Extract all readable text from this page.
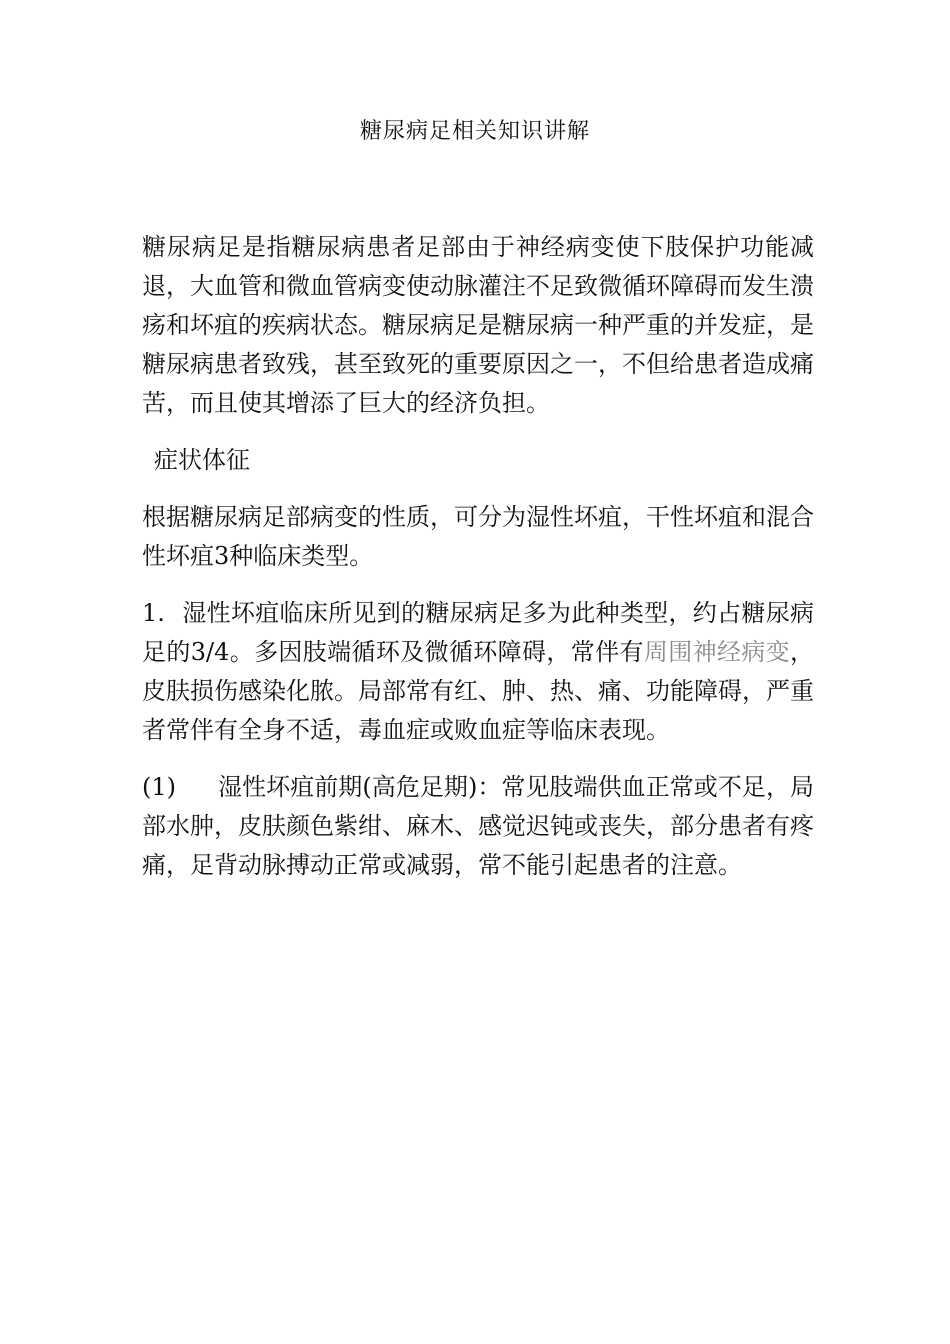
糖尿病足相关知识讲解

糖尿病足是指糖尿病患者足部由于神经病变使下肢保护功能减退，大血管和微血管病变使动脉灌注不足致微循环障碍而发生溃疡和坏疽的疾病状态。糖尿病足是糖尿病一种严重的并发症，是糖尿病患者致残，甚至致死的重要原因之一，不但给患者造成痛苦，而且使其增添了巨大的经济负担。

症状体征

根据糖尿病足部病变的性质，可分为湿性坏疽，干性坏疽和混合性坏疽3种临床类型。

1. 湿性坏疽临床所见到的糖尿病足多为此种类型，约占糖尿病足的3/4。多因肢端循环及微循环障碍，常伴有周围神经病变，皮肤损伤感染化脓。局部常有红、肿、热、痛、功能障碍，严重者常伴有全身不适，毒血症或败血症等临床表现。

(1) 湿性坏疽前期(高危足期)：常见肢端供血正常或不足，局部水肿，皮肤颜色紫绀、麻木、感觉迟钝或丧失，部分患者有疼痛，足背动脉搏动正常或减弱，常不能引起患者的注意。
